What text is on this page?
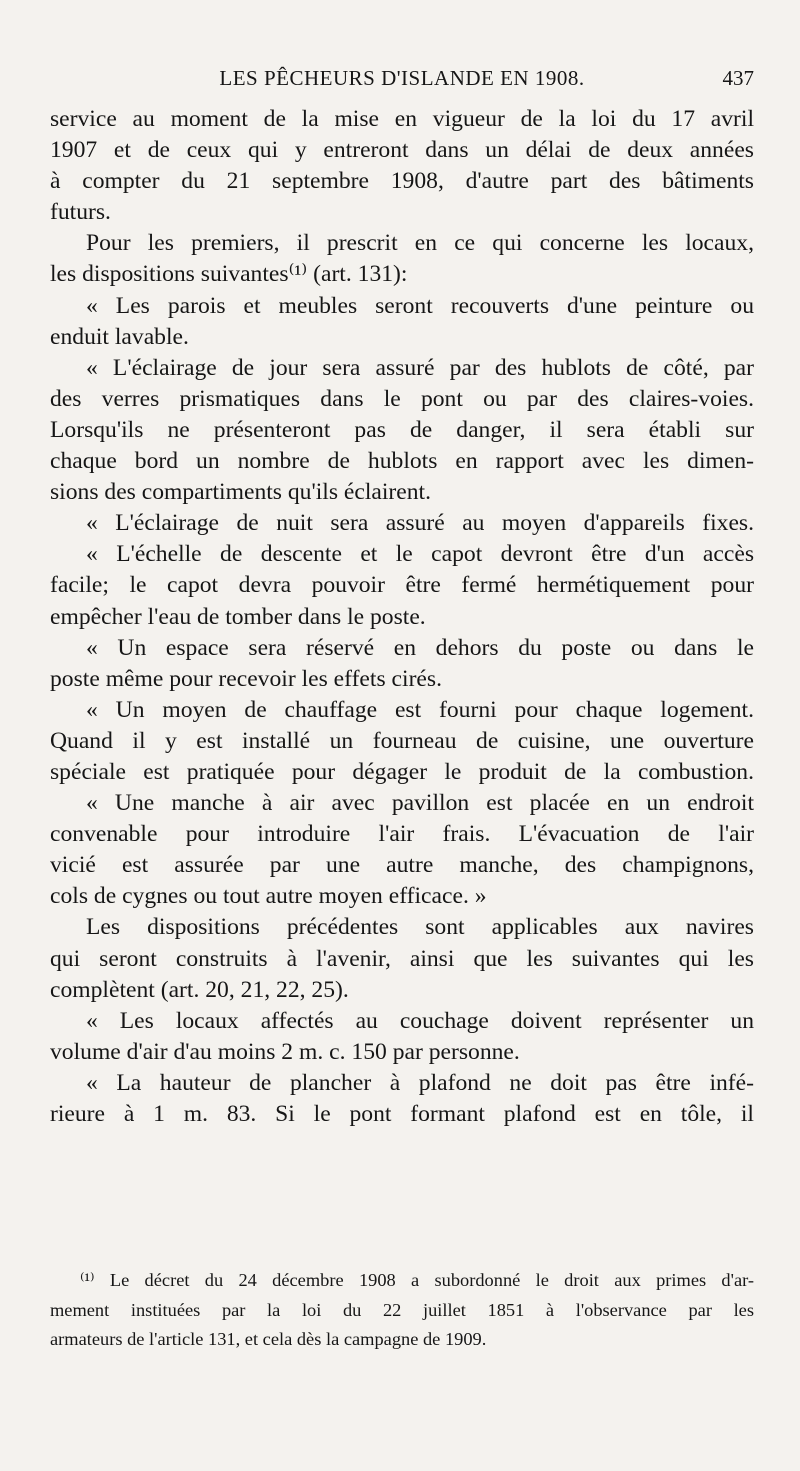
LES PÊCHEURS D'ISLANDE EN 1908.	437
service au moment de la mise en vigueur de la loi du 17 avril
1907 et de ceux qui y entreront dans un délai de deux années
à compter du 21 septembre 1908, d'autre part des bâtiments
futurs.
Pour les premiers, il prescrit en ce qui concerne les locaux,
les dispositions suivantes⁽¹⁾ (art. 131):
« Les parois et meubles seront recouverts d'une peinture ou
enduit lavable.
« L'éclairage de jour sera assuré par des hublots de côté, par
des verres prismatiques dans le pont ou par des claires-voies.
Lorsqu'ils ne présenteront pas de danger, il sera établi sur
chaque bord un nombre de hublots en rapport avec les dimen-
sions des compartiments qu'ils éclairent.
« L'éclairage de nuit sera assuré au moyen d'appareils fixes.
« L'échelle de descente et le capot devront être d'un accès
facile; le capot devra pouvoir être fermé hermétiquement pour
empêcher l'eau de tomber dans le poste.
« Un espace sera réservé en dehors du poste ou dans le
poste même pour recevoir les effets cirés.
« Un moyen de chauffage est fourni pour chaque logement.
Quand il y est installé un fourneau de cuisine, une ouverture
spéciale est pratiquée pour dégager le produit de la combustion.
« Une manche à air avec pavillon est placée en un endroit
convenable pour introduire l'air frais. L'évacuation de l'air
vicié est assurée par une autre manche, des champignons,
cols de cygnes ou tout autre moyen efficace. »
Les dispositions précédentes sont applicables aux navires
qui seront construits à l'avenir, ainsi que les suivantes qui les
complètent (art. 20, 21, 22, 25).
« Les locaux affectés au couchage doivent représenter un
volume d'air d'au moins 2 m. c. 150 par personne.
« La hauteur de plancher à plafond ne doit pas être infé-
rieure à 1 m. 83. Si le pont formant plafond est en tôle, il
⁽¹⁾ Le décret du 24 décembre 1908 a subordonné le droit aux primes d'ar-
mement instituées par la loi du 22 juillet 1851 à l'observance par les
armateurs de l'article 131, et cela dès la campagne de 1909.
